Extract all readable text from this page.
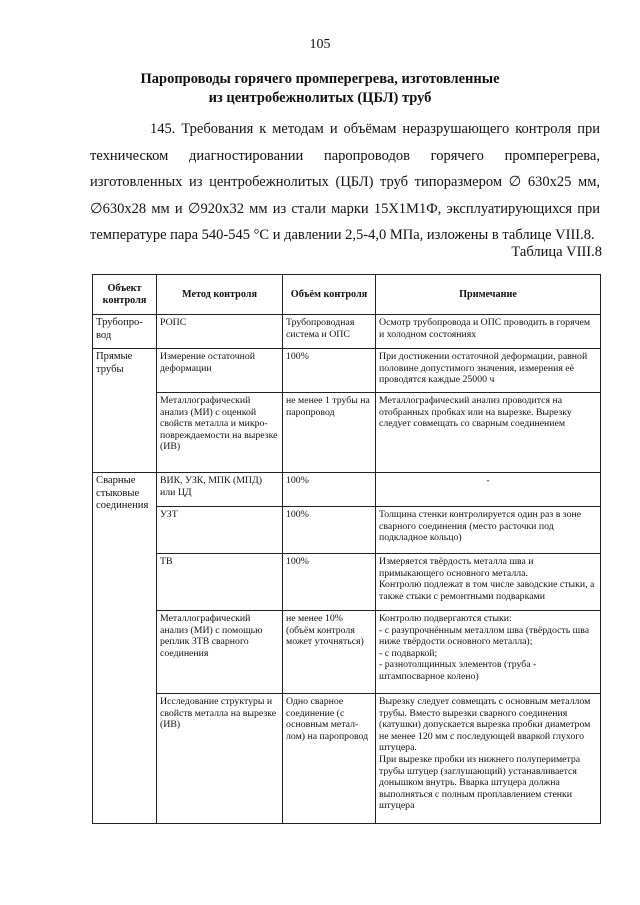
105
Паропроводы горячего промперегрева, изготовленные
из центробежнолитых (ЦБЛ) труб
145. Требования к методам и объёмам неразрушающего контроля при
техническом диагностировании паропроводов горячего промперегрева,
изготовленных из центробежнолитых (ЦБЛ) труб типоразмером ∅ 630х25 мм,
∅630х28 мм и ∅920х32 мм из стали марки 15Х1М1Ф, эксплуатирующихся при
температуре пара 540-545 °С и давлении 2,5-4,0 МПа, изложены в таблице VIII.8.
Таблица VIII.8
Объект контроля	Метод контроля	Объём контроля	Примечание
Трубопро-вод	РОПС	Трубопроводная система и ОПС	Осмотр трубопровода и ОПС проводить в горячем и холодном состояниях
Прямые трубы	Измерение остаточной деформации	100%	При достижении остаточной деформации, равной половине допустимого значения, измерения её проводятся каждые 25000 ч
	Металлографический анализ (МИ) с оценкой свойств металла и микро-повреждаемости на вырезке (ИВ)	не менее 1 трубы на паропровод	Металлографический анализ проводится на отобранных пробках или на вырезке. Вырезку следует совмещать со сварным соединением
Сварные стыковые соединения	ВИК, УЗК, МПК (МПД) или ЦД	100%	-
	УЗТ	100%	Толщина стенки контролируется один раз в зоне сварного соединения (место расточки под подкладное кольцо)
	ТВ	100%	Измеряется твёрдость металла шва и примыкающего основного металла.
Контролю подлежат в том числе заводские стыки, а также стыки с ремонтными подварками
	Металлографический анализ (МИ) с помощью реплик ЗТВ сварного соединения	не менее 10% (объём контроля может уточняться)	Контролю подвергаются стыки:
- с разупрочнённым металлом шва (твёрдость шва ниже твёрдости основного металла);
- с подваркой;
- разнотолщинных элементов (труба - штампосварное колено)
	Исследование структуры и свойств металла на вырезке (ИВ)	Одно сварное соединение (с основным метал-лом) на паропровод	Вырезку следует совмещать с основным металлом трубы. Вместо вырезки сварного соединения (катушки) допускается вырезка пробки диаметром не менее 120 мм с последующей вваркой глухого штуцера.
При вырезке пробки из нижнего полупериметра трубы штуцер (заглушающий) устанавливается донышком внутрь. Вварка штуцера должна выполняться с полным проплавлением стенки штуцера
